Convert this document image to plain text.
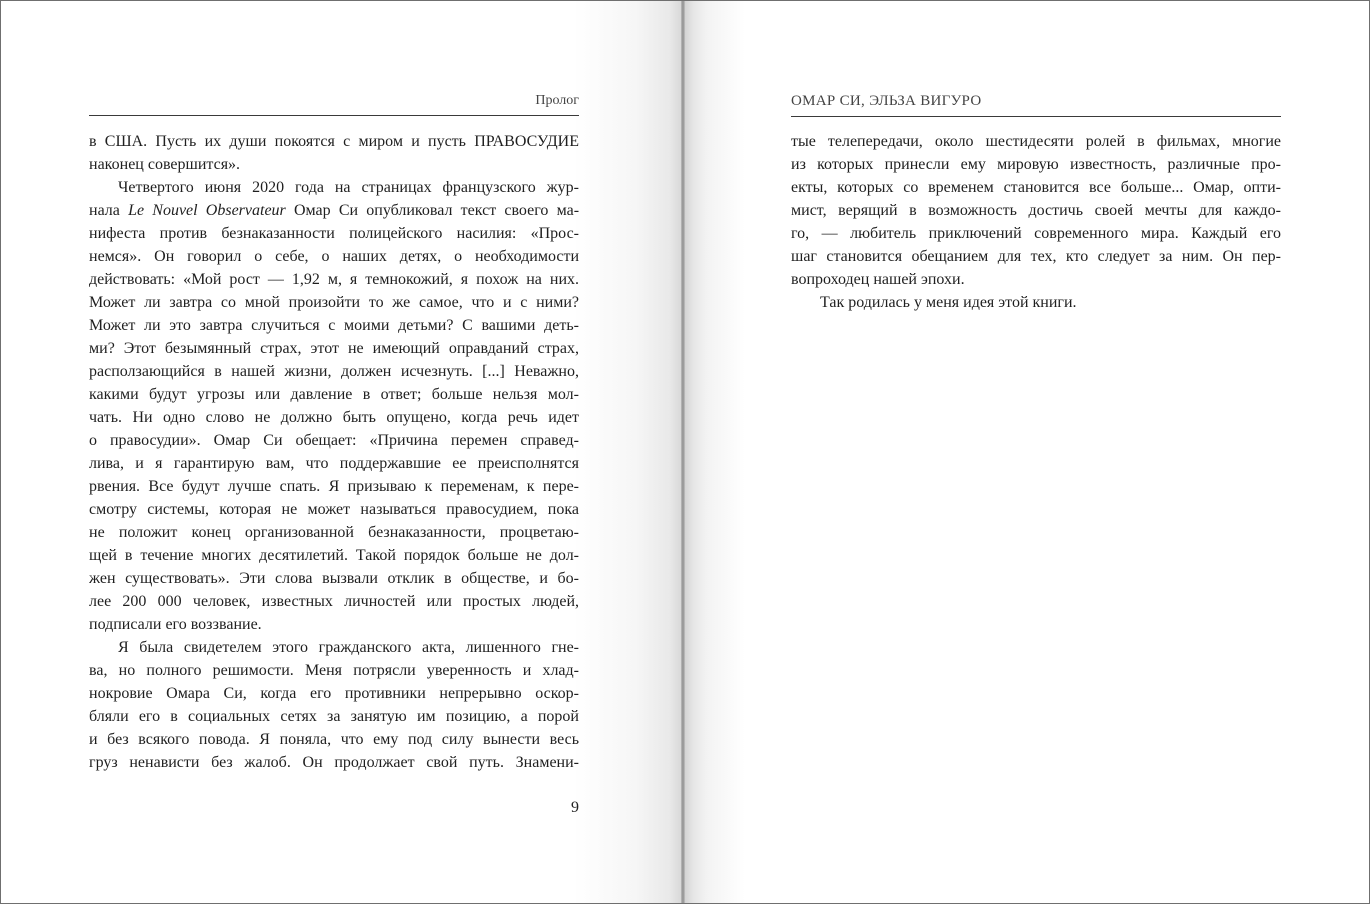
Пролог
в США. Пусть их души покоятся с миром и пусть ПРАВОСУДИЕ
наконец совершится».
Четвертого июня 2020 года на страницах французского жур-
нала Le Nouvel Observateur Омар Си опубликовал текст своего ма-
нифеста против безнаказанности полицейского насилия: «Прос-
немся». Он говорил о себе, о наших детях, о необходимости
действовать: «Мой рост — 1,92 м, я темнокожий, я похож на них.
Может ли завтра со мной произойти то же самое, что и с ними?
Может ли это завтра случиться с моими детьми? С вашими деть-
ми? Этот безымянный страх, этот не имеющий оправданий страх,
расползающийся в нашей жизни, должен исчезнуть. [...] Неважно,
какими будут угрозы или давление в ответ; больше нельзя мол-
чать. Ни одно слово не должно быть опущено, когда речь идет
о правосудии». Омар Си обещает: «Причина перемен справед-
лива, и я гарантирую вам, что поддержавшие ее преисполнятся
рвения. Все будут лучше спать. Я призываю к переменам, к пере-
смотру системы, которая не может называться правосудием, пока
не положит конец организованной безнаказанности, процветаю-
щей в течение многих десятилетий. Такой порядок больше не дол-
жен существовать». Эти слова вызвали отклик в обществе, и бо-
лее 200 000 человек, известных личностей или простых людей,
подписали его воззвание.
Я была свидетелем этого гражданского акта, лишенного гне-
ва, но полного решимости. Меня потрясли уверенность и хлад-
нокровие Омара Си, когда его противники непрерывно оскор-
бляли его в социальных сетях за занятую им позицию, а порой
и без всякого повода. Я поняла, что ему под силу вынести весь
груз ненависти без жалоб. Он продолжает свой путь. Знамени-
9
ОМАР СИ, ЭЛЬЗА ВИГУРО
тые телепередачи, около шестидесяти ролей в фильмах, многие
из которых принесли ему мировую известность, различные про-
екты, которых со временем становится все больше... Омар, опти-
мист, верящий в возможность достичь своей мечты для каждо-
го, — любитель приключений современного мира. Каждый его
шаг становится обещанием для тех, кто следует за ним. Он пер-
вопроходец нашей эпохи.
Так родилась у меня идея этой книги.
